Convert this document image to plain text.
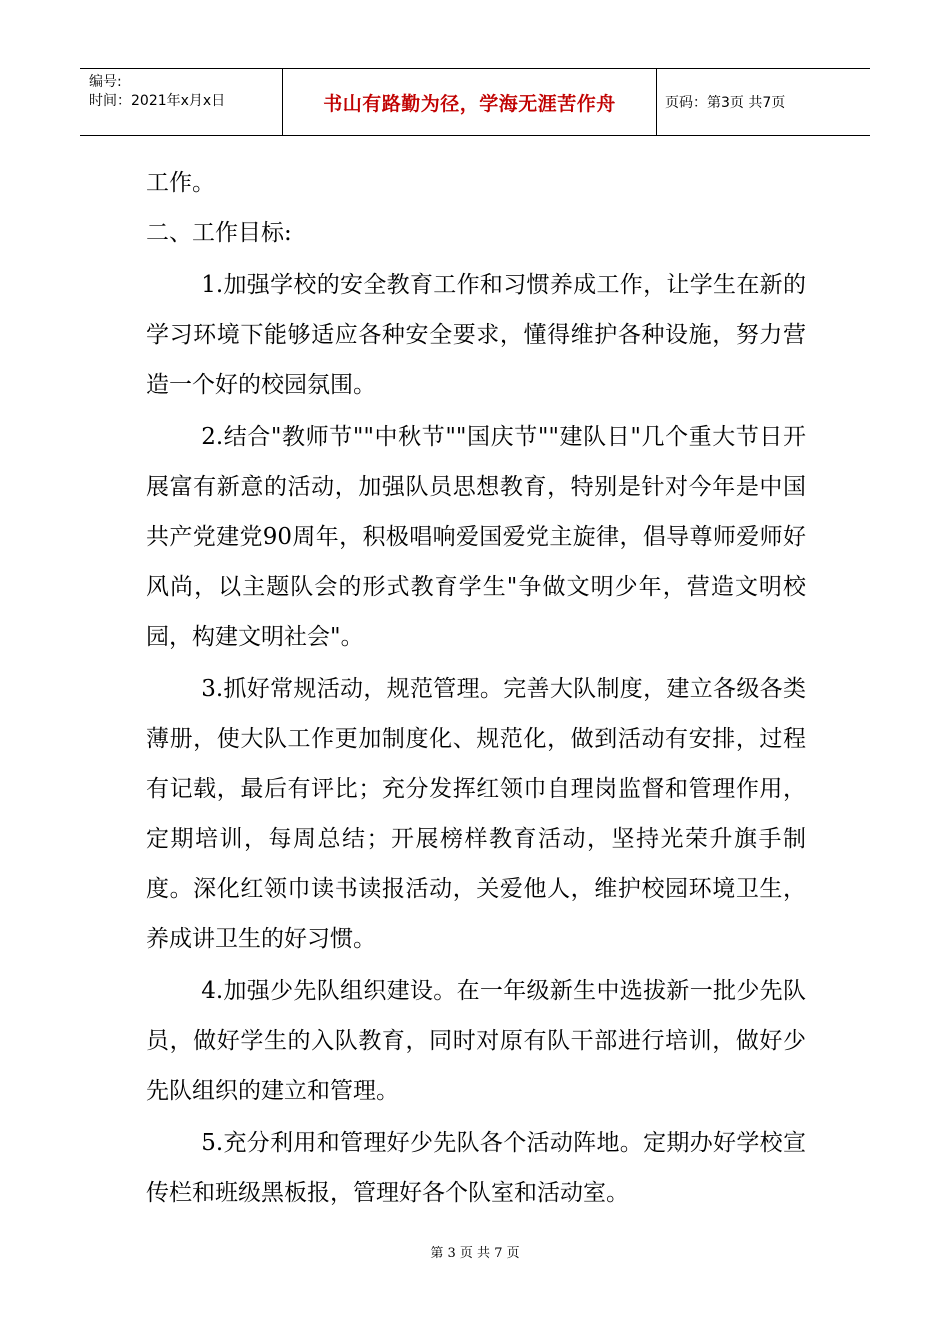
编号:
时间：2021年x月x日	书山有路勤为径，学海无涯苦作舟	页码：第3页 共7页

工作。

二、工作目标:

1.加强学校的安全教育工作和习惯养成工作，让学生在新的学习环境下能够适应各种安全要求，懂得维护各种设施，努力营造一个好的校园氛围。

2.结合"教师节""中秋节""国庆节""建队日"几个重大节日开展富有新意的活动，加强队员思想教育，特别是针对今年是中国共产党建党90周年，积极唱响爱国爱党主旋律，倡导尊师爱师好风尚，以主题队会的形式教育学生"争做文明少年，营造文明校园，构建文明社会"。

3.抓好常规活动，规范管理。完善大队制度，建立各级各类薄册，使大队工作更加制度化、规范化，做到活动有安排，过程有记载，最后有评比；充分发挥红领巾自理岗监督和管理作用，定期培训，每周总结；开展榜样教育活动，坚持光荣升旗手制度。深化红领巾读书读报活动，关爱他人，维护校园环境卫生，养成讲卫生的好习惯。

4.加强少先队组织建设。在一年级新生中选拔新一批少先队员，做好学生的入队教育，同时对原有队干部进行培训，做好少先队组织的建立和管理。

5.充分利用和管理好少先队各个活动阵地。定期办好学校宣传栏和班级黑板报，管理好各个队室和活动室。

第 3 页 共 7 页
